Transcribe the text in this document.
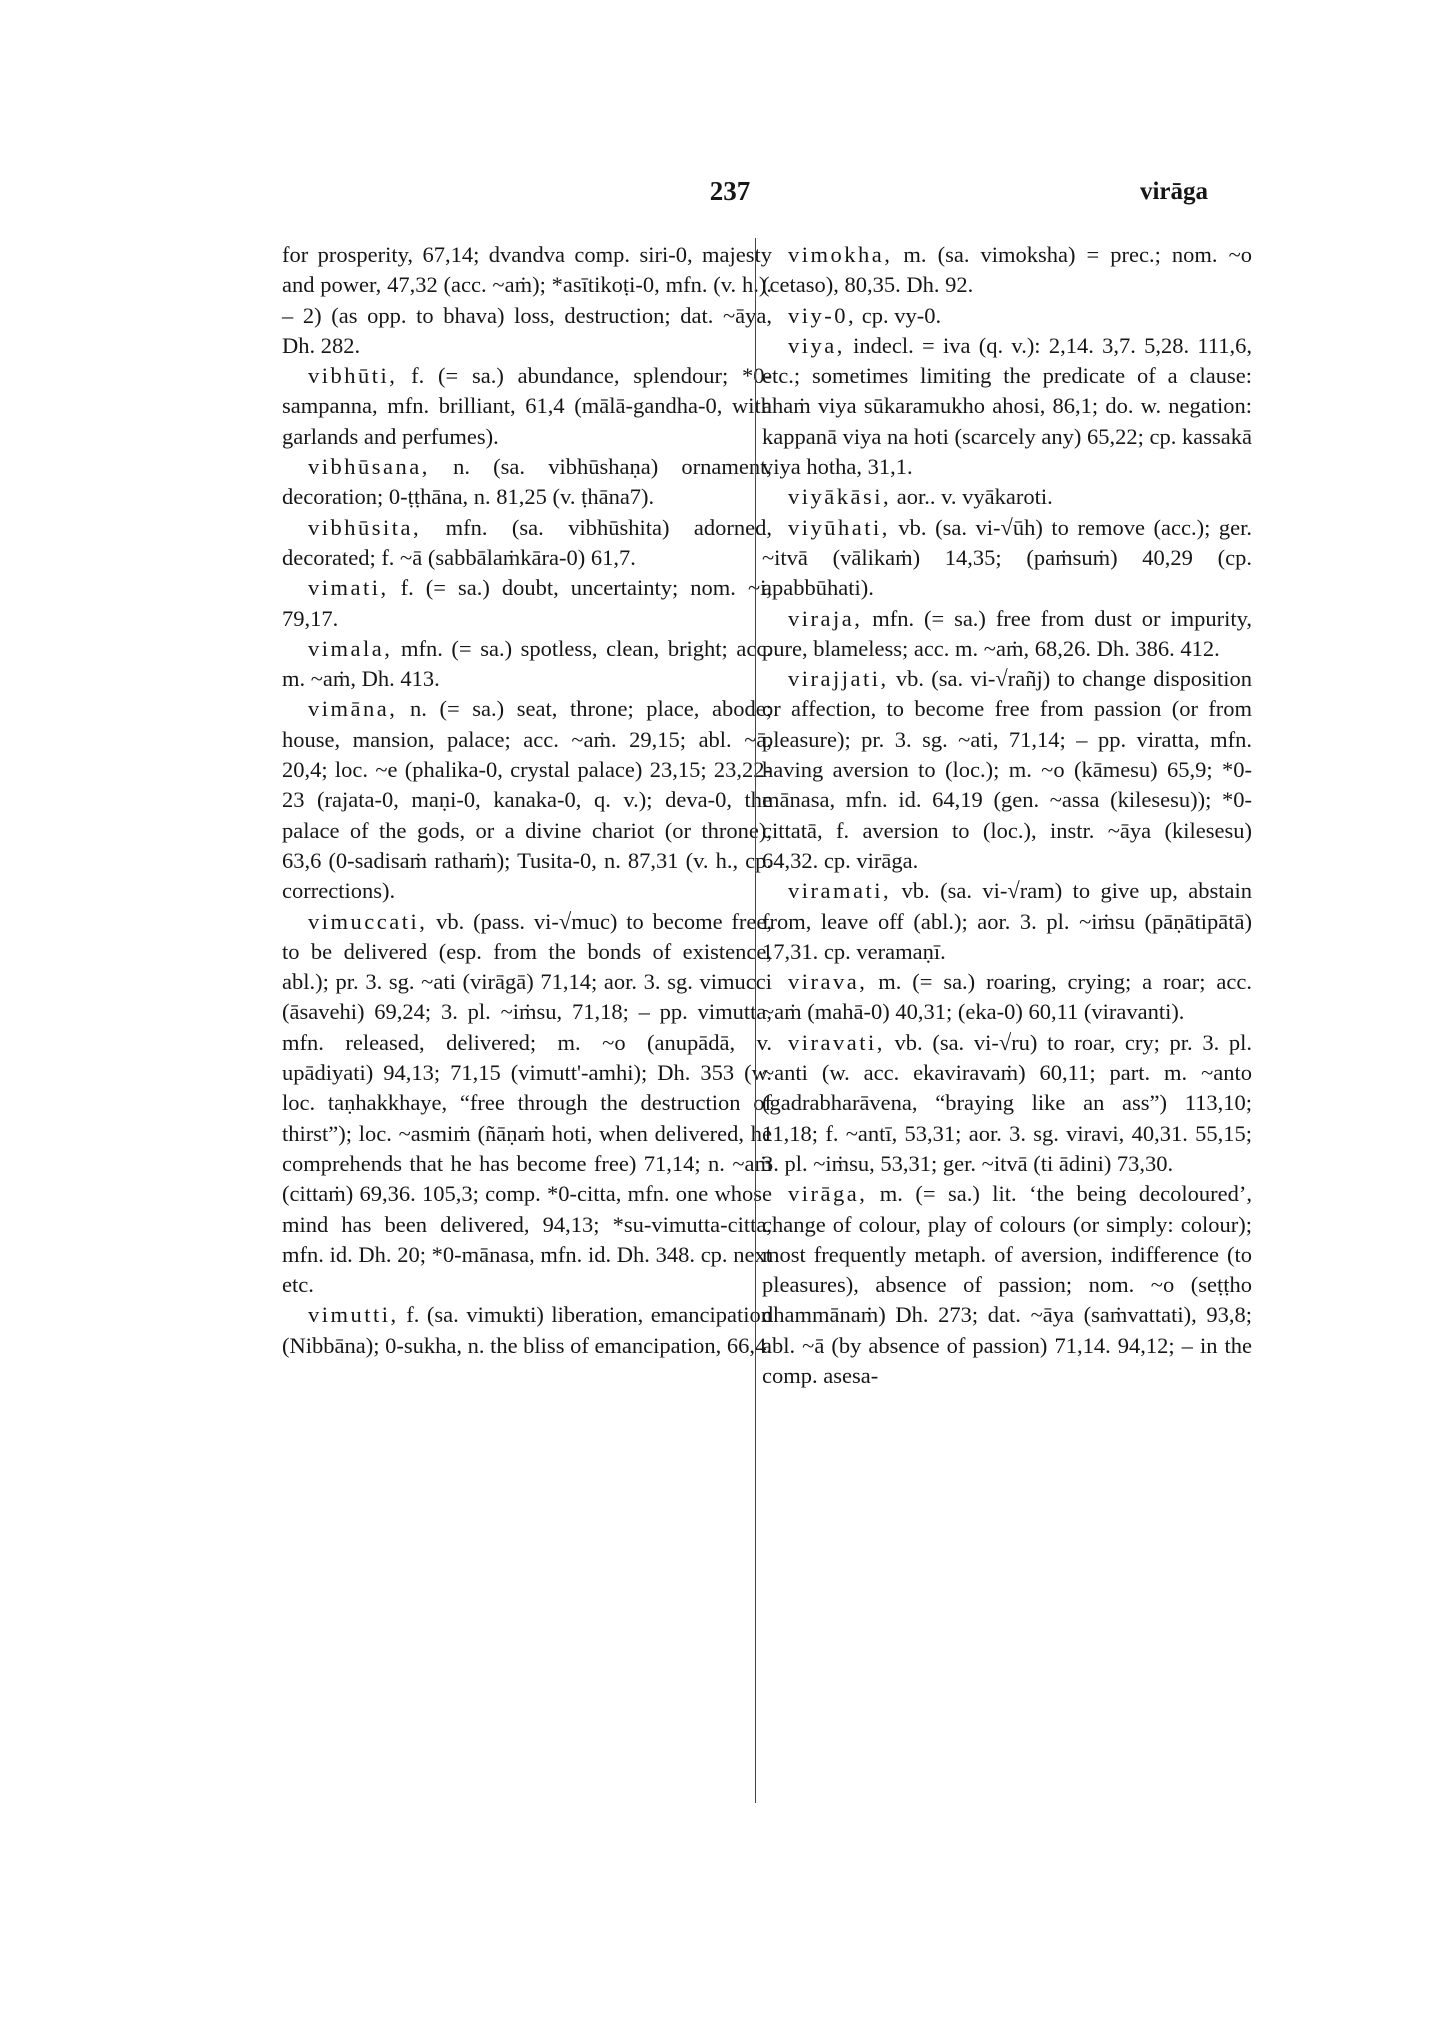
237	virāga

for prosperity, 67,14; dvandva comp. siri-0, majesty and power, 47,32 (acc. ~aṁ); *asītikoṭi-0, mfn. (v. h.). – 2) (as opp. to bhava) loss, destruction; dat. ~āya, Dh. 282.

vibhūti, f. (= sa.) abundance, splendour; *0-sampanna, mfn. brilliant, 61,4 (mālā-gandha-0, with garlands and perfumes).

vibhūsana, n. (sa. vibhūshaṇa) ornament, decoration; 0-ṭṭhāna, n. 81,25 (v. ṭhāna7).

vibhūsita, mfn. (sa. vibhūshita) adorned, decorated; f. ~ā (sabbālaṁkāra-0) 61,7.

vimati, f. (= sa.) doubt, uncertainty; nom. ~i, 79,17.

vimala, mfn. (= sa.) spotless, clean, bright; acc. m. ~aṁ, Dh. 413.

vimāna, n. (= sa.) seat, throne; place, abode; house, mansion, palace; acc. ~aṁ. 29,15; abl. ~ā, 20,4; loc. ~e (phalika-0, crystal palace) 23,15; 23,22-23 (rajata-0, maṇi-0, kanaka-0, q. v.); deva-0, the palace of the gods, or a divine chariot (or throne), 63,6 (0-sadisaṁ rathaṁ); Tusita-0, n. 87,31 (v. h., cp. corrections).

vimuccati, vb. (pass. vi-√muc) to become free, to be delivered (esp. from the bonds of existence, abl.); pr. 3. sg. ~ati (virāgā) 71,14; aor. 3. sg. vimucci (āsavehi) 69,24; 3. pl. ~iṁsu, 71,18; – pp. vimutta, mfn. released, delivered; m. ~o (anupādā, v. upādiyati) 94,13; 71,15 (vimutt'-amhi); Dh. 353 (w. loc. taṇhakkhaye, “free through the destruction of thirst”); loc. ~asmiṁ (ñāṇaṁ hoti, when delivered, he comprehends that he has become free) 71,14; n. ~aṁ (cittaṁ) 69,36. 105,3; comp. *0-citta, mfn. one whose mind has been delivered, 94,13; *su-vimutta-citta, mfn. id. Dh. 20; *0-mānasa, mfn. id. Dh. 348. cp. next etc.

vimutti, f. (sa. vimukti) liberation, emancipation (Nibbāna); 0-sukha, n. the bliss of emancipation, 66,4.

vimokha, m. (sa. vimoksha) = prec.; nom. ~o (cetaso), 80,35. Dh. 92.

viy-0, cp. vy-0.

viya, indecl. = iva (q. v.): 2,14. 3,7. 5,28. 111,6, etc.; sometimes limiting the predicate of a clause: ahaṁ viya sūkaramukho ahosi, 86,1; do. w. negation: kappanā viya na hoti (scarcely any) 65,22; cp. kassakā viya hotha, 31,1.

viyākāsi, aor.. v. vyākaroti.

viyūhati, vb. (sa. vi-√ūh) to remove (acc.); ger. ~itvā (vālikaṁ) 14,35; (paṁsuṁ) 40,29 (cp. apabbūhati).

viraja, mfn. (= sa.) free from dust or impurity, pure, blameless; acc. m. ~aṁ, 68,26. Dh. 386. 412.

virajjati, vb. (sa. vi-√rañj) to change disposition or affection, to become free from passion (or from pleasure); pr. 3. sg. ~ati, 71,14; – pp. viratta, mfn. having aversion to (loc.); m. ~o (kāmesu) 65,9; *0-mānasa, mfn. id. 64,19 (gen. ~assa (kilesesu)); *0-cittatā, f. aversion to (loc.), instr. ~āya (kilesesu) 64,32. cp. virāga.

viramati, vb. (sa. vi-√ram) to give up, abstain from, leave off (abl.); aor. 3. pl. ~iṁsu (pāṇātipātā) 17,31. cp. veramaṇī.

virava, m. (= sa.) roaring, crying; a roar; acc. ~aṁ (mahā-0) 40,31; (eka-0) 60,11 (viravanti).

viravati, vb. (sa. vi-√ru) to roar, cry; pr. 3. pl. ~anti (w. acc. ekaviravaṁ) 60,11; part. m. ~anto (gadrabharāvena, “braying like an ass”) 113,10; 11,18; f. ~antī, 53,31; aor. 3. sg. viravi, 40,31. 55,15; 3. pl. ~iṁsu, 53,31; ger. ~itvā (ti ādini) 73,30.

virāga, m. (= sa.) lit. ‘the being decoloured’, change of colour, play of colours (or simply: colour); most frequently metaph. of aversion, indifference (to pleasures), absence of passion; nom. ~o (seṭṭho dhammānaṁ) Dh. 273; dat. ~āya (saṁvattati), 93,8; abl. ~ā (by absence of passion) 71,14. 94,12; – in the comp. asesa-
